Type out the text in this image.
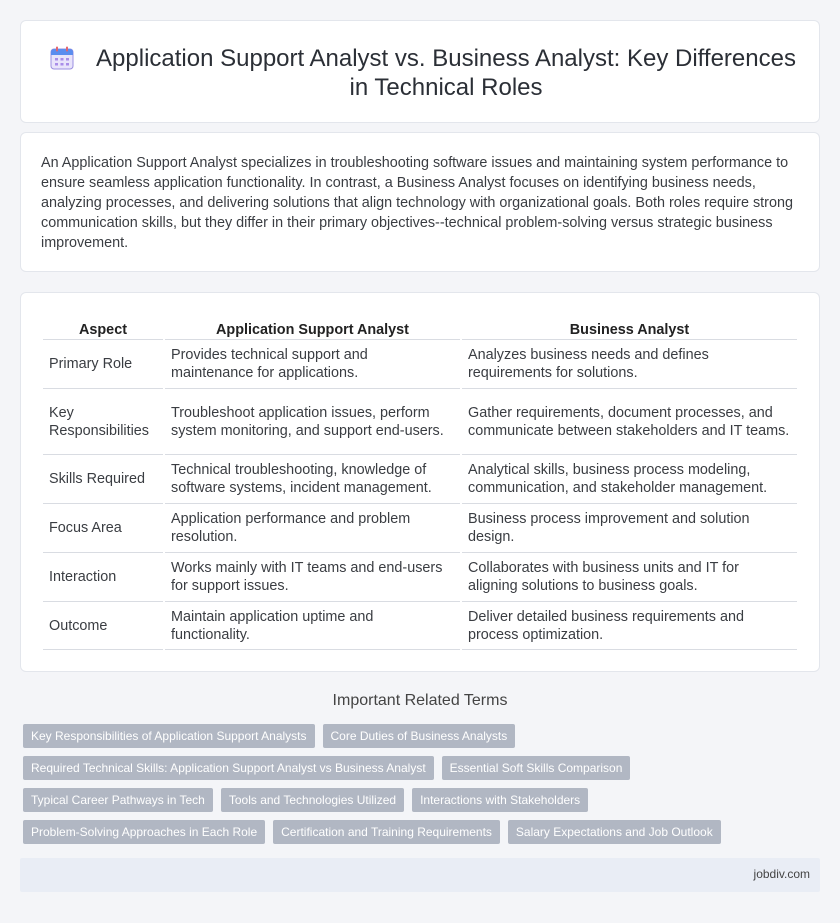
Application Support Analyst vs. Business Analyst: Key Differences in Technical Roles

An Application Support Analyst specializes in troubleshooting software issues and maintaining system performance to ensure seamless application functionality. In contrast, a Business Analyst focuses on identifying business needs, analyzing processes, and delivering solutions that align technology with organizational goals. Both roles require strong communication skills, but they differ in their primary objectives--technical problem-solving versus strategic business improvement.

Aspect	Application Support Analyst	Business Analyst
Primary Role	Provides technical support and maintenance for applications.	Analyzes business needs and defines requirements for solutions.
Key Responsibilities	Troubleshoot application issues, perform system monitoring, and support end-users.	Gather requirements, document processes, and communicate between stakeholders and IT teams.
Skills Required	Technical troubleshooting, knowledge of software systems, incident management.	Analytical skills, business process modeling, communication, and stakeholder management.
Focus Area	Application performance and problem resolution.	Business process improvement and solution design.
Interaction	Works mainly with IT teams and end-users for support issues.	Collaborates with business units and IT for aligning solutions to business goals.
Outcome	Maintain application uptime and functionality.	Deliver detailed business requirements and process optimization.
Important Related Terms
Key Responsibilities of Application Support Analysts	Core Duties of Business Analysts
Required Technical Skills: Application Support Analyst vs Business Analyst	Essential Soft Skills Comparison
Typical Career Pathways in Tech	Tools and Technologies Utilized	Interactions with Stakeholders
Problem-Solving Approaches in Each Role	Certification and Training Requirements	Salary Expectations and Job Outlook
jobdiv.com
